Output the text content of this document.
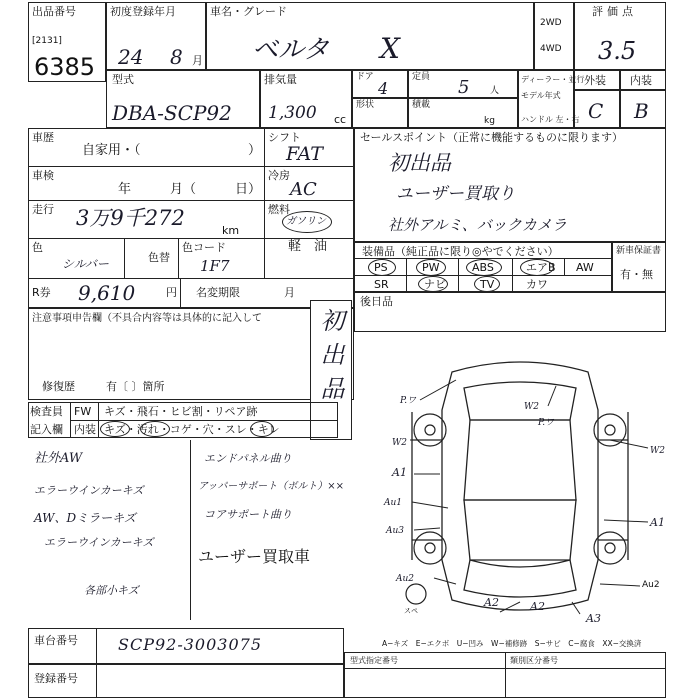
出品番号
[2131]
6385
初度登録年月
24 8 月
車名・グレード
ベルタ X
2WD
4WD
評価点
3.5
型式
DBA-SCP92
排気量
1,300 cc
ドア
4
定員 5 人
形状	積載
kg
ディーラー・並行
モデル年式
ハンドル 左・右
外装 内装
C B
車歴
自家用・（	）
車検
年　　　月（　　　日）
走行 3万9千272
km
色
シルバー	色替
色コード
1F7
シフト
FAT
冷房
AC
燃料
ガソリン
軽　油
R券 9,610	円 名変期限	月
セールスポイント（正常に機能するものに限ります）
初出品
ユーザー買取り
社外アルミ、バックカメラ
装備品（純正品に限り◎やでください）
PS	PW	ABS	エアB AW
SR	ナビ	TV	カワ
新車保証書
有・無
後日品
注意事項申告欄（不具合内容等は具体的に記入して
修復歴	有〔 〕箇所	初出品
検査員
記入欄
FW キズ・飛石・ヒビ割・リペア跡
内装 キズ・汚れ・コゲ・穴・スレ・キレ
社外AW
エラーウインカーキズ
AW、Dミラーキズ
エラーウインカーキズ
各部小キズ
エンドパネル曲り
アッパーサポート（ボルト）××
コアサポート曲り
ユーザー買取車
P.ワ
W2
P.ワ
W2
W2
A1
Au1
Au3
A1
Au2
A2	A2
A3
スペ
Au2
A−キズ　E−エクボ　U−凹み　W−補修跡　S−サビ　C−腐食　XX−交換済
車台番号	SCP92-3003075
登録番号
型式指定番号	類別区分番号
